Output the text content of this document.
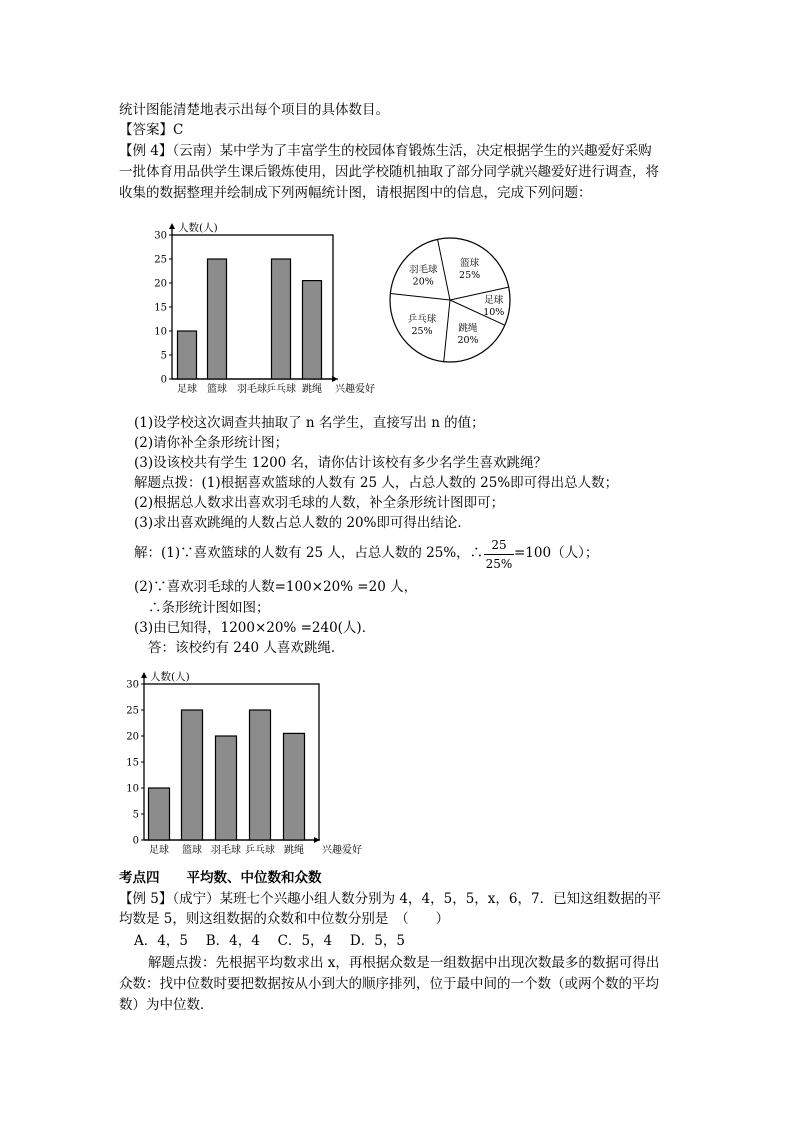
统计图能清楚地表示出每个项目的具体数目。
【答案】C
【例 4】（云南）某中学为了丰富学生的校园体育锻炼生活，决定根据学生的兴趣爱好采购
一批体育用品供学生课后锻炼使用，因此学校随机抽取了部分同学就兴趣爱好进行调查，将
收集的数据整理并绘制成下列两幅统计图，请根据图中的信息，完成下列问题：
人数(人)
0
5
10
15
20
25
30
足球 篮球 羽毛球 乒乓球 跳绳 兴趣爱好
篮球
25%
足球
10%
跳绳
20%
乒乓球
25%
羽毛球
20%
(1)设学校这次调查共抽取了 n 名学生，直接写出 n 的值；
(2)请你补全条形统计图；
(3)设该校共有学生 1200 名，请你估计该校有多少名学生喜欢跳绳？
解题点拨：(1)根据喜欢篮球的人数有 25 人，占总人数的 25%即可得出总人数；
(2)根据总人数求出喜欢羽毛球的人数，补全条形统计图即可；
(3)求出喜欢跳绳的人数占总人数的 20%即可得出结论．
解：(1)∵喜欢篮球的人数有 25 人，占总人数的 25%，∴ 25
25%
=100（人）；
(2)∵喜欢羽毛球的人数=100×20% =20 人，
∴条形统计图如图；
(3)由已知得，1200×20% =240(人)．
答：该校约有 240 人喜欢跳绳．
人数(人)
0
5
10
15
20
25
30
足球 篮球 羽毛球 乒乓球 跳绳 兴趣爱好
考点四　　平均数、中位数和众数
【例 5】（成宁）某班七个兴趣小组人数分别为 4，4，5，5，x，6，7．已知这组数据的平
均数是 5，则这组数据的众数和中位数分别是　（　　）
A．4，5　 B．4，4　 C．5，4　 D．5，5
解题点拨：先根据平均数求出 x，再根据众数是一组数据中出现次数最多的数据可得出
众数：找中位数时要把数据按从小到大的顺序排列，位于最中间的一个数（或两个数的平均
数）为中位数．
